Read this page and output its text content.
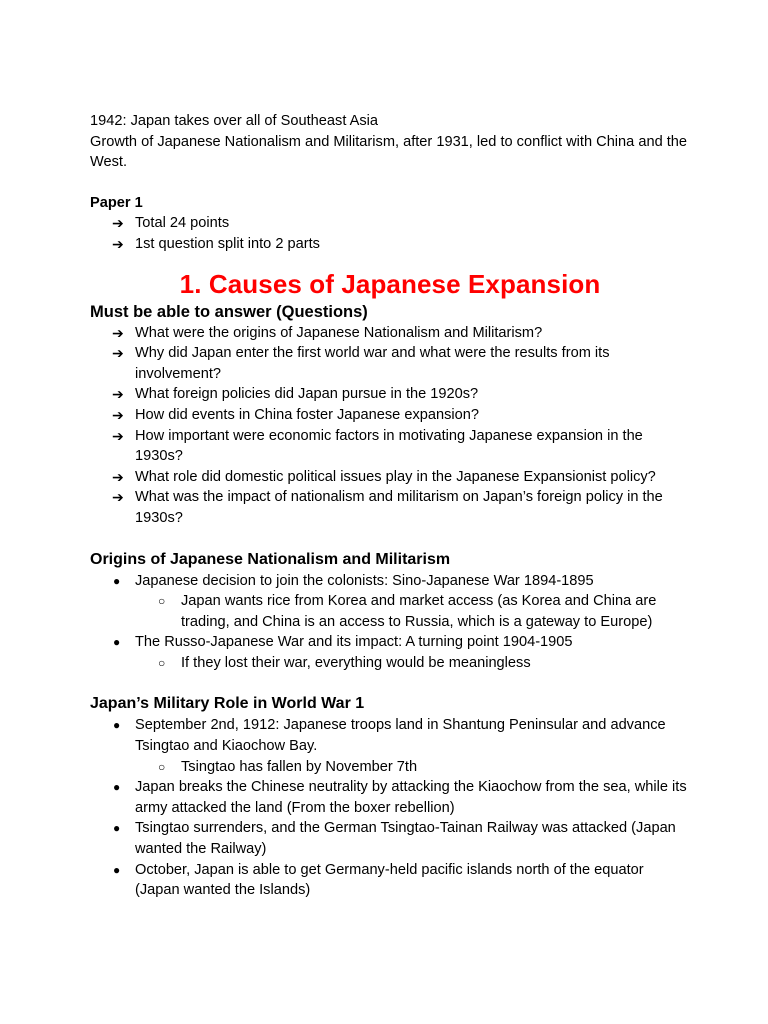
1942: Japan takes over all of Southeast Asia

Growth of Japanese Nationalism and Militarism, after 1931, led to conflict with China and the West.

Paper 1

➔ Total 24 points
➔ 1st question split into 2 parts
1. Causes of Japanese Expansion
Must be able to answer (Questions)
➔ What were the origins of Japanese Nationalism and Militarism?
➔ Why did Japan enter the first world war and what were the results from its involvement?
➔ What foreign policies did Japan pursue in the 1920s?
➔ How did events in China foster Japanese expansion?
➔ How important were economic factors in motivating Japanese expansion in the 1930s?
➔ What role did domestic political issues play in the Japanese Expansionist policy?
➔ What was the impact of nationalism and militarism on Japan’s foreign policy in the 1930s?
Origins of Japanese Nationalism and Militarism
● Japanese decision to join the colonists: Sino-Japanese War 1894-1895
○ Japan wants rice from Korea and market access (as Korea and China are trading, and China is an access to Russia, which is a gateway to Europe)
● The Russo-Japanese War and its impact: A turning point 1904-1905
○ If they lost their war, everything would be meaningless
Japan’s Military Role in World War 1
● September 2nd, 1912: Japanese troops land in Shantung Peninsular and advance Tsingtao and Kiaochow Bay.
○ Tsingtao has fallen by November 7th
● Japan breaks the Chinese neutrality by attacking the Kiaochow from the sea, while its army attacked the land (From the boxer rebellion)
● Tsingtao surrenders, and the German Tsingtao-Tainan Railway was attacked (Japan wanted the Railway)
● October, Japan is able to get Germany-held pacific islands north of the equator (Japan wanted the Islands)
